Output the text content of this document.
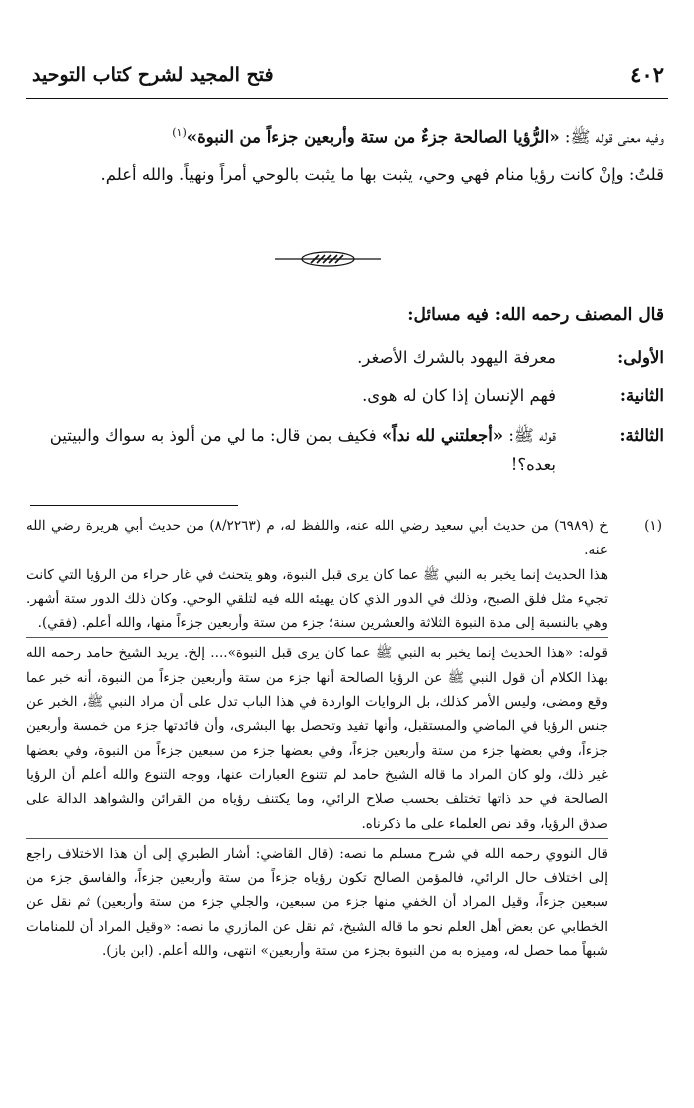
٤٠٢
فتح المجيد لشرح كتاب التوحيد
وفيه معنى قوله ﷺ: «الرُّؤيا الصالحة جزءٌ من ستة وأربعين جزءاً من النبوة»$^{(١)}$
قلتُ: وإنْ كانت رؤيا منام فهي وحي، يثبت بها ما يثبت بالوحي أمراً ونهياً. والله أعلم.
قال المصنف رحمه الله: فيه مسائل:
الأولى:
معرفة اليهود بالشرك الأصغر.
الثانية:
فهم الإنسان إذا كان له هوى.
الثالثة:
قوله ﷺ: «أجعلتني لله نداً» فكيف بمن قال: ما لي من ألوذ به سواك والبيتين بعده؟!
(١)
خ (٦٩٨٩) من حديث أبي سعيد رضي الله عنه، واللفظ له، م (٨/٢٢٦٣) من حديث أبي هريرة رضي الله عنه.
هذا الحديث إنما يخبر به النبي ﷺ عما كان يرى قبل النبوة، وهو يتحنث في غار حراء من الرؤيا التي كانت تجيء مثل فلق الصبح، وذلك في الدور الذي كان يهيئه الله فيه لتلقي الوحي. وكان ذلك الدور ستة أشهر. وهي بالنسبة إلى مدة النبوة الثلاثة والعشرين سنة؛ جزء من ستة وأربعين جزءاً منها، والله أعلم. (فقي).
قوله: «هذا الحديث إنما يخبر به النبي ﷺ عما كان يرى قبل النبوة».... إلخ. يريد الشيخ حامد رحمه الله بهذا الكلام أن قول النبي ﷺ عن الرؤيا الصالحة أنها جزء من ستة وأربعين جزءاً من النبوة، أنه خبر عما وقع ومضى، وليس الأمر كذلك، بل الروايات الواردة في هذا الباب تدل على أن مراد النبي ﷺ، الخبر عن جنس الرؤيا في الماضي والمستقبل، وأنها تفيد وتحصل بها البشرى، وأن فائدتها جزء من خمسة وأربعين جزءاً، وفي بعضها جزء من ستة وأربعين جزءاً، وفي بعضها جزء من سبعين جزءاً من النبوة، وفي بعضها غير ذلك، ولو كان المراد ما قاله الشيخ حامد لم تتنوع العبارات عنها، ووجه التنوع والله أعلم أن الرؤيا الصالحة في حد ذاتها تختلف بحسب صلاح الرائي، وما يكتنف رؤياه من القرائن والشواهد الدالة على صدق الرؤيا، وقد نص العلماء على ما ذكرناه.
قال النووي رحمه الله في شرح مسلم ما نصه: (قال القاضي: أشار الطبري إلى أن هذا الاختلاف راجع إلى اختلاف حال الرائي، فالمؤمن الصالح تكون رؤياه جزءاً من ستة وأربعين جزءاً، والفاسق جزء من سبعين جزءاً، وقيل المراد أن الخفي منها جزء من سبعين، والجلي جزء من ستة وأربعين) ثم نقل عن الخطابي عن بعض أهل العلم نحو ما قاله الشيخ، ثم نقل عن المازري ما نصه: «وقيل المراد أن للمنامات شبهاً مما حصل له، وميزه به من النبوة بجزء من ستة وأربعين» انتهى، والله أعلم. (ابن باز).
